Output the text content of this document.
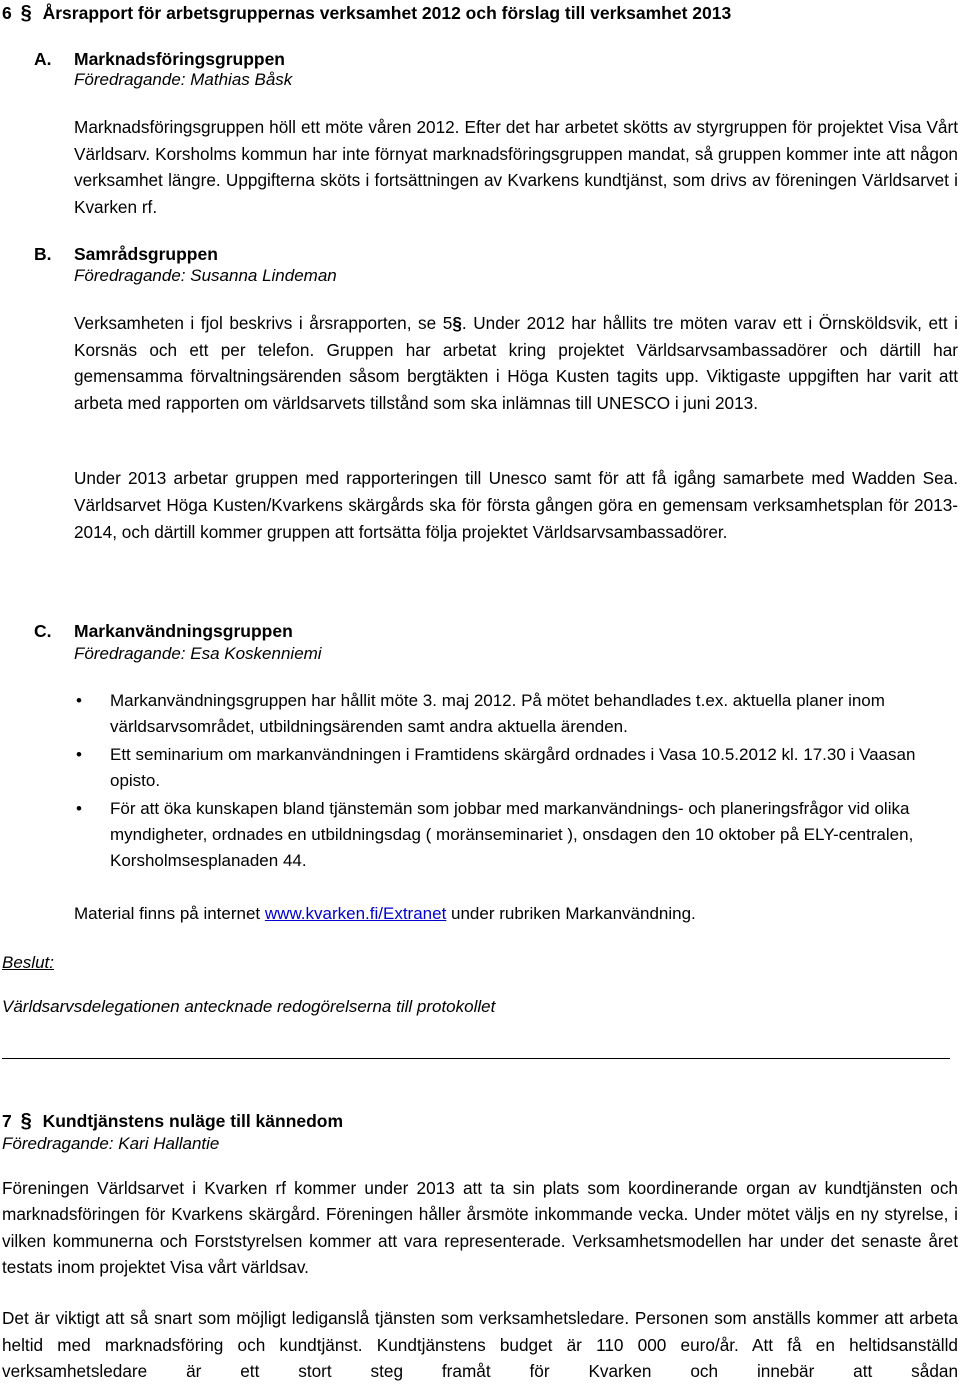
6 § Årsrapport för arbetsgruppernas verksamhet 2012 och förslag till verksamhet 2013
A. Marknadsföringsgruppen
Föredragande: Mathias Båsk

Marknadsföringsgruppen höll ett möte våren 2012. Efter det har arbetet skötts av styrgruppen för projektet Visa Vårt Världsarv. Korsholms kommun har inte förnyat marknadsföringsgruppen mandat, så gruppen kommer inte att någon verksamhet längre. Uppgifterna sköts i fortsättningen av Kvarkens kundtjänst, som drivs av föreningen Världsarvet i Kvarken rf.

B. Samrådsgruppen
Föredragande: Susanna Lindeman

Verksamheten i fjol beskrivs i årsrapporten, se 5§. Under 2012 har hållits tre möten varav ett i Örnsköldsvik, ett i Korsnäs och ett per telefon. Gruppen har arbetat kring projektet Världsarvsambassadörer och därtill har gemensamma förvaltningsärenden såsom bergtäkten i Höga Kusten tagits upp. Viktigaste uppgiften har varit att arbeta med rapporten om världsarvets tillstånd som ska inlämnas till UNESCO i juni 2013.

Under 2013 arbetar gruppen med rapporteringen till Unesco samt för att få igång samarbete med Wadden Sea. Världsarvet Höga Kusten/Kvarkens skärgårds ska för första gången göra en gemensam verksamhetsplan för 2013-2014, och därtill kommer gruppen att fortsätta följa projektet Världsarvsambassadörer.

C. Markanvändningsgruppen
Föredragande: Esa Koskenniemi
• Markanvändningsgruppen har hållit möte 3. maj 2012. På mötet behandlades t.ex. aktuella planer inom världsarvsområdet, utbildningsärenden samt andra aktuella ärenden.
• Ett seminarium om markanvändningen i Framtidens skärgård ordnades i Vasa 10.5.2012 kl. 17.30 i Vaasan opisto.
• För att öka kunskapen bland tjänstemän som jobbar med markanvändnings- och planeringsfrågor vid olika myndigheter, ordnades en utbildningsdag ( moränseminariet ), onsdagen den 10 oktober på ELY-centralen, Korsholmsesplanaden 44.
Material finns på internet www.kvarken.fi/Extranet under rubriken Markanvändning.
Beslut:
Världsarvsdelegationen antecknade redogörelserna till protokollet
7 § Kundtjänstens nuläge till kännedom
Föredragande: Kari Hallantie

Föreningen Världsarvet i Kvarken rf kommer under 2013 att ta sin plats som koordinerande organ av kundtjänsten och marknadsföringen för Kvarkens skärgård. Föreningen håller årsmöte inkommande vecka. Under mötet väljs en ny styrelse, i vilken kommunerna och Forststyrelsen kommer att vara representerade. Verksamhetsmodellen har under det senaste året testats inom projektet Visa vårt världsav.

Det är viktigt att så snart som möjligt lediganslå tjänsten som verksamhetsledare. Personen som anställs kommer att arbeta heltid med marknadsföring och kundtjänst. Kundtjänstens budget är 110 000 euro/år. Att få en heltidsanställd verksamhetsledare är ett stort steg framåt för Kvarken och innebär att sådan
